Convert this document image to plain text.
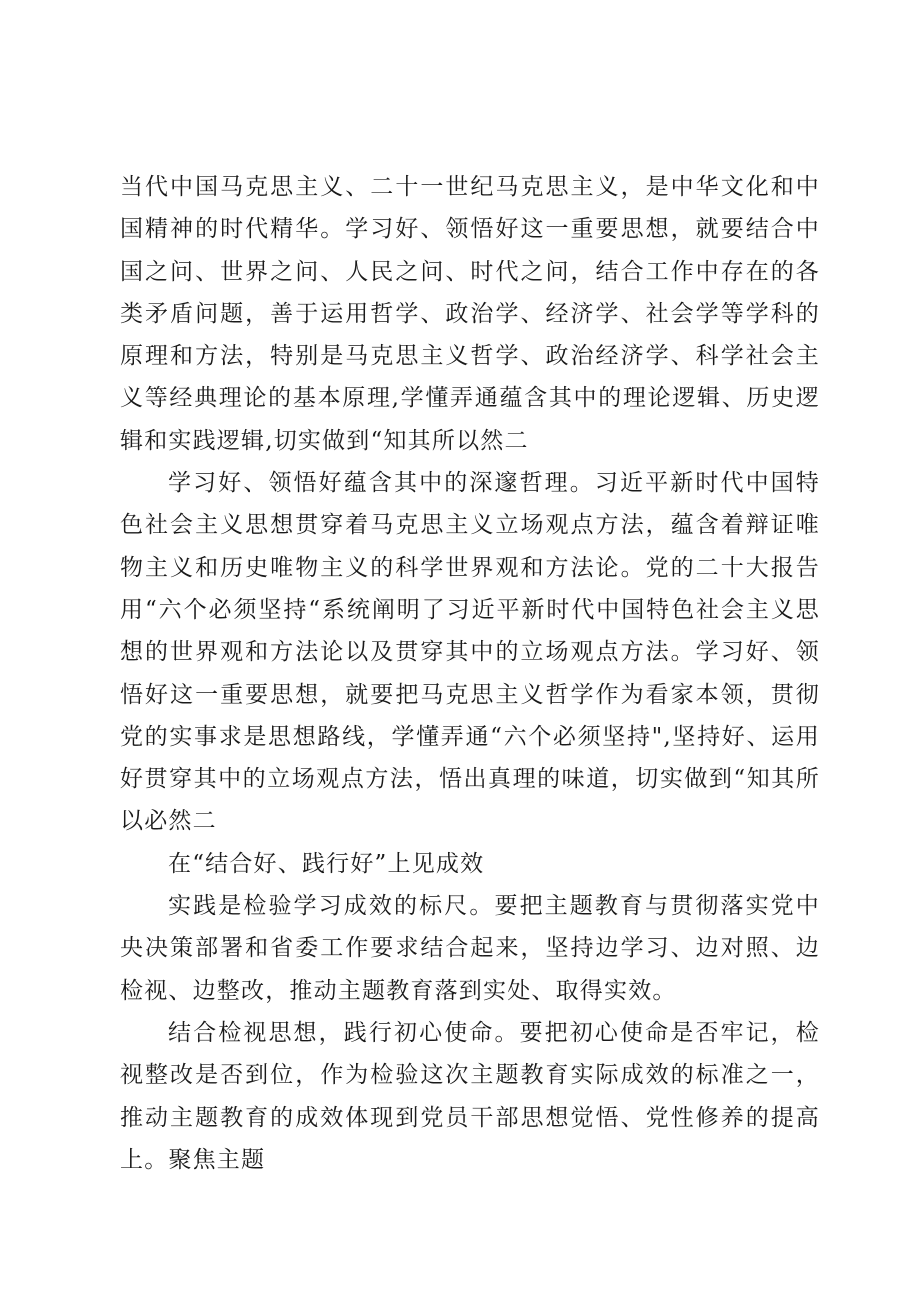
当代中国马克思主义、二十一世纪马克思主义，是中华文化和中国精神的时代精华。学习好、领悟好这一重要思想，就要结合中国之问、世界之问、人民之问、时代之问，结合工作中存在的各类矛盾问题，善于运用哲学、政治学、经济学、社会学等学科的原理和方法，特别是马克思主义哲学、政治经济学、科学社会主义等经典理论的基本原理,学懂弄通蕴含其中的理论逻辑、历史逻辑和实践逻辑,切实做到“知其所以然二

学习好、领悟好蕴含其中的深邃哲理。习近平新时代中国特色社会主义思想贯穿着马克思主义立场观点方法，蕴含着辩证唯物主义和历史唯物主义的科学世界观和方法论。党的二十大报告用“六个必须坚持“系统阐明了习近平新时代中国特色社会主义思想的世界观和方法论以及贯穿其中的立场观点方法。学习好、领悟好这一重要思想，就要把马克思主义哲学作为看家本领，贯彻党的实事求是思想路线，学懂弄通“六个必须坚持",坚持好、运用好贯穿其中的立场观点方法，悟出真理的味道，切实做到“知其所以必然二

在“结合好、践行好”上见成效

实践是检验学习成效的标尺。要把主题教育与贯彻落实党中央决策部署和省委工作要求结合起来，坚持边学习、边对照、边检视、边整改，推动主题教育落到实处、取得实效。

结合检视思想，践行初心使命。要把初心使命是否牢记，检视整改是否到位，作为检验这次主题教育实际成效的标准之一，推动主题教育的成效体现到党员干部思想觉悟、党性修养的提高上。聚焦主题
